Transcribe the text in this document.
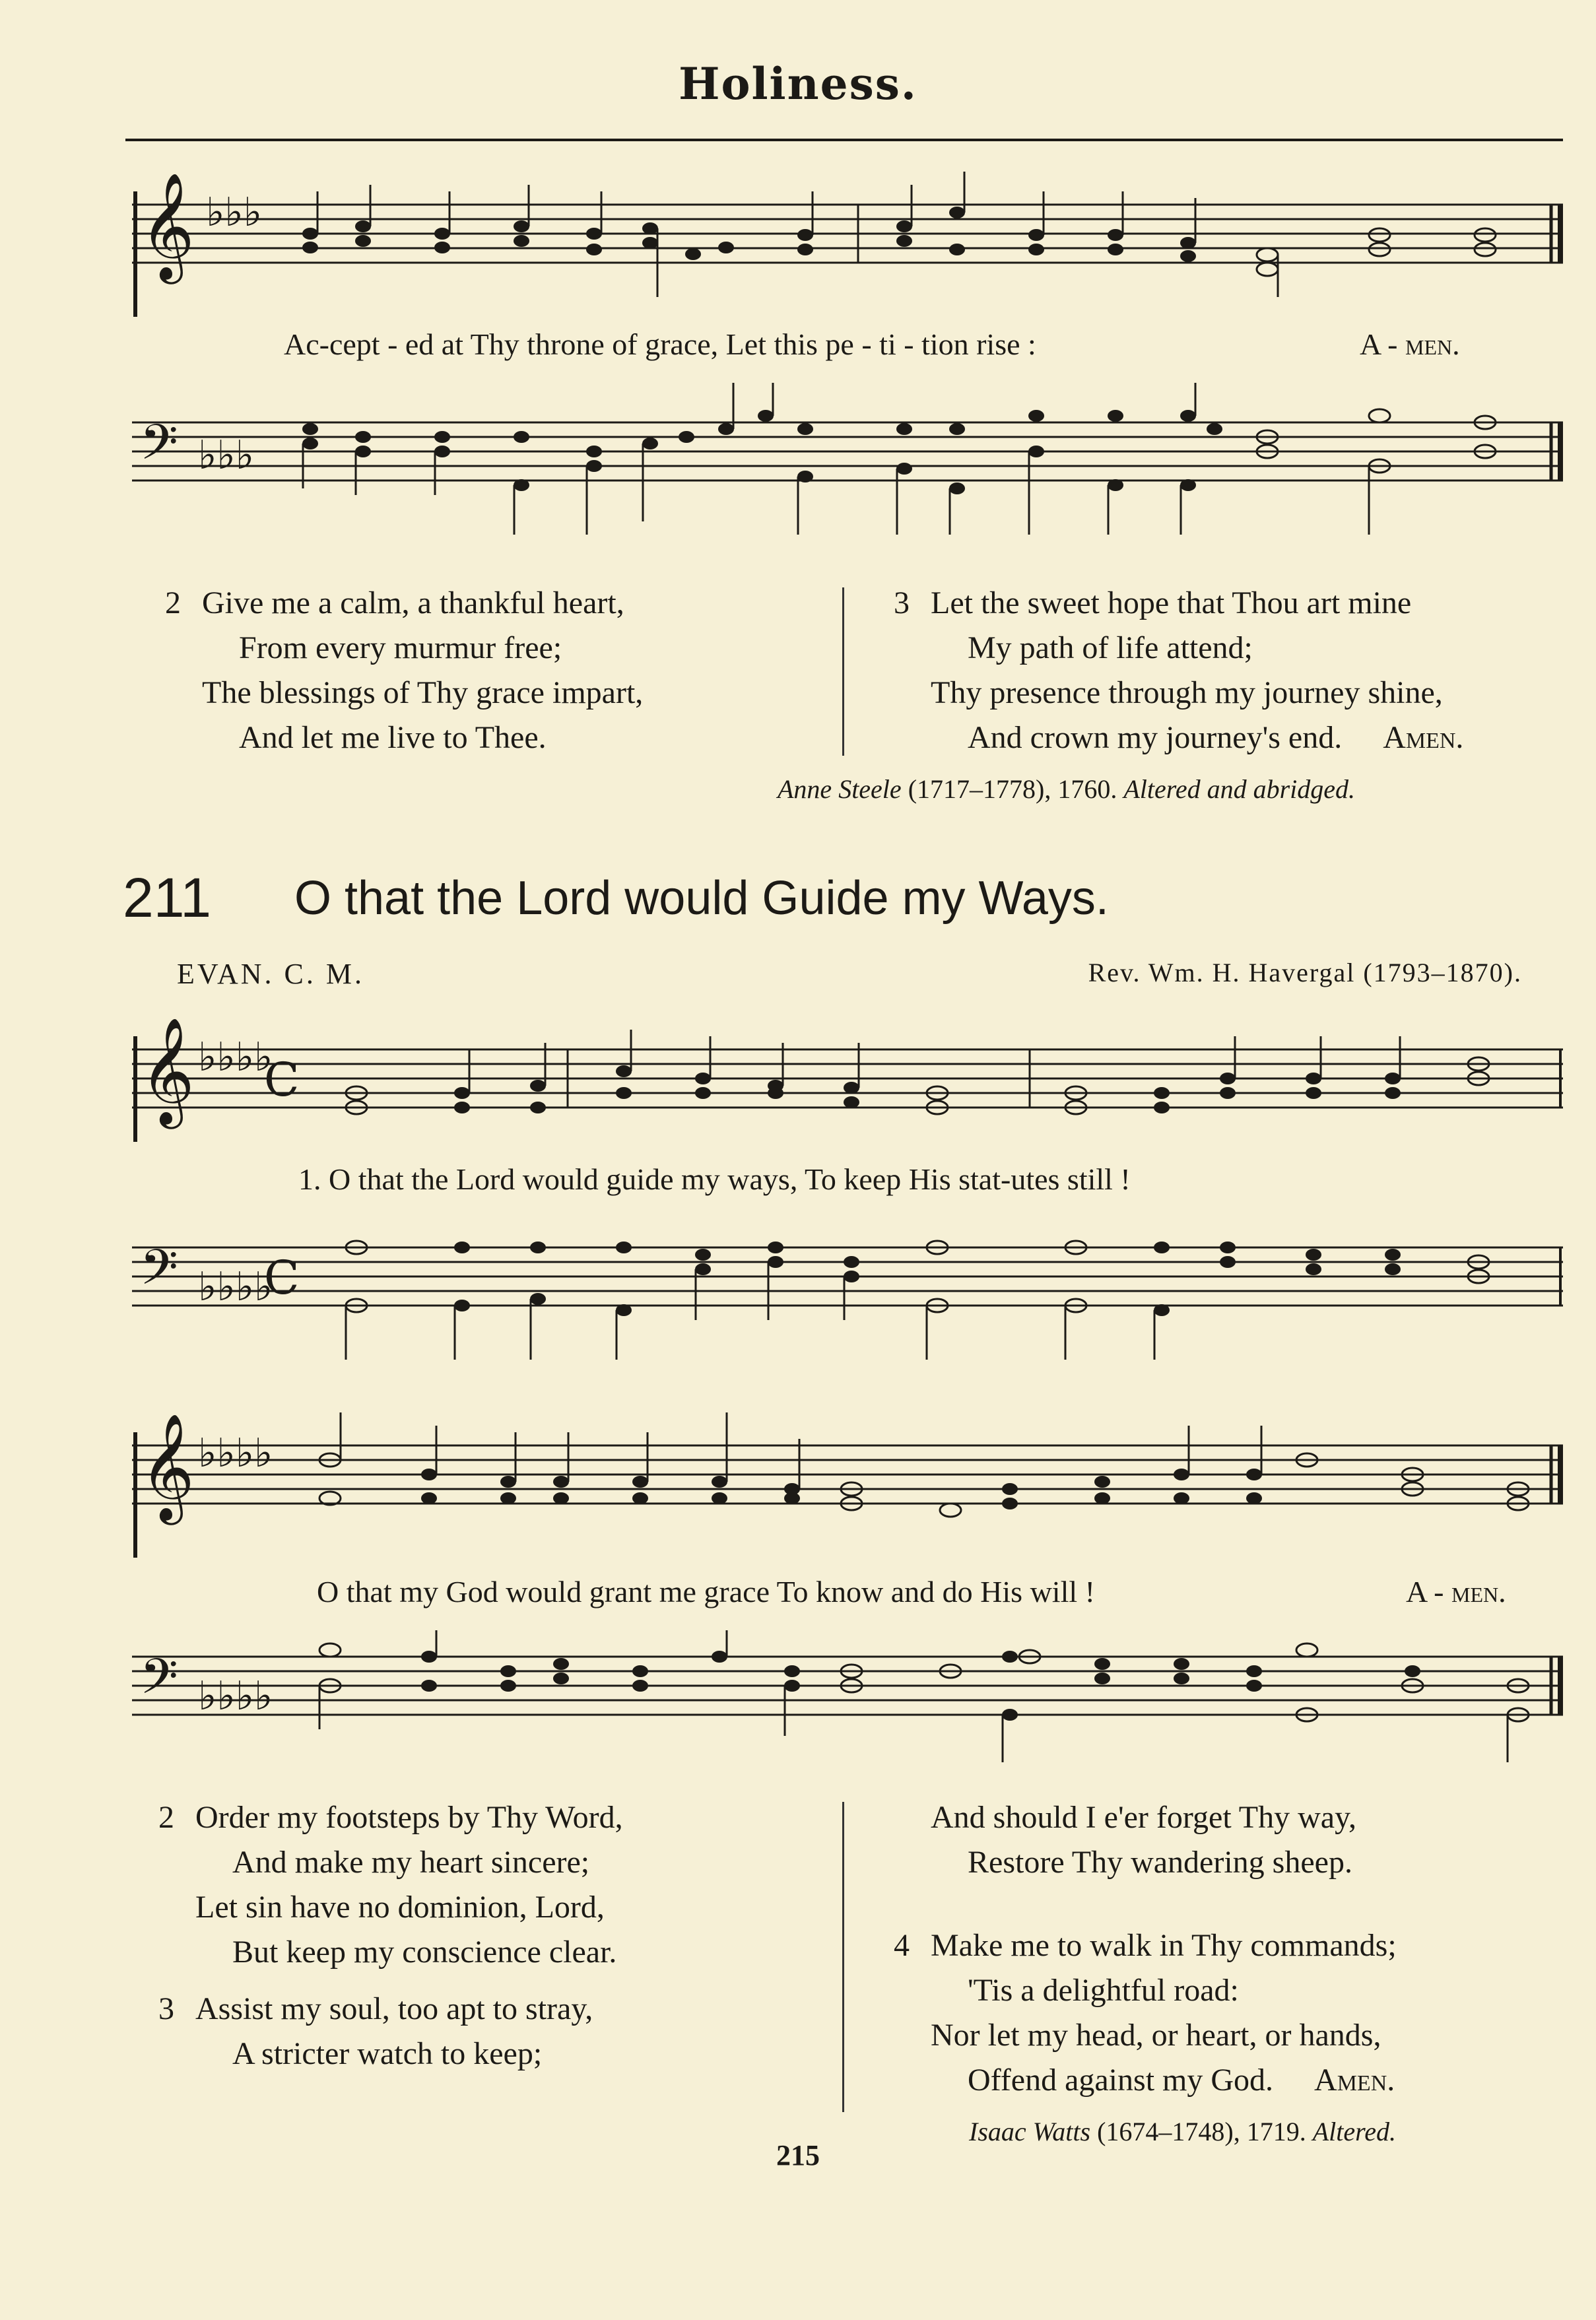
Holiness.
𝄞 ♭♭♭
Ac-cept - ed at Thy throne of grace, Let this pe - ti - tion rise :	A - men.
𝄢 ♭♭♭
2 Give me a calm, a thankful heart,
From every murmur free;
The blessings of Thy grace impart,
And let me live to Thee.
3 Let the sweet hope that Thou art mine
My path of life attend;
Thy presence through my journey shine,
And crown my journey's end. Amen.
Anne Steele (1717–1778), 1760. Altered and abridged.
211 O that the Lord would Guide my Ways.
EVAN. C. M.	Rev. Wm. H. Havergal (1793–1870).
𝄞 ♭♭♭♭
C
1. O that the Lord would guide my ways, To keep His stat-utes still !
𝄢 ♭♭♭♭
C
𝄞 ♭♭♭♭
O that my God would grant me grace To know and do His will !	A - men.
𝄢 ♭♭♭♭
2 Order my footsteps by Thy Word,
And make my heart sincere;
Let sin have no dominion, Lord,
But keep my conscience clear.
3 Assist my soul, too apt to stray,
A stricter watch to keep;
And should I e'er forget Thy way,
Restore Thy wandering sheep.
4 Make me to walk in Thy commands;
'Tis a delightful road:
Nor let my head, or heart, or hands,
Offend against my God. Amen.
Isaac Watts (1674–1748), 1719. Altered.
215
